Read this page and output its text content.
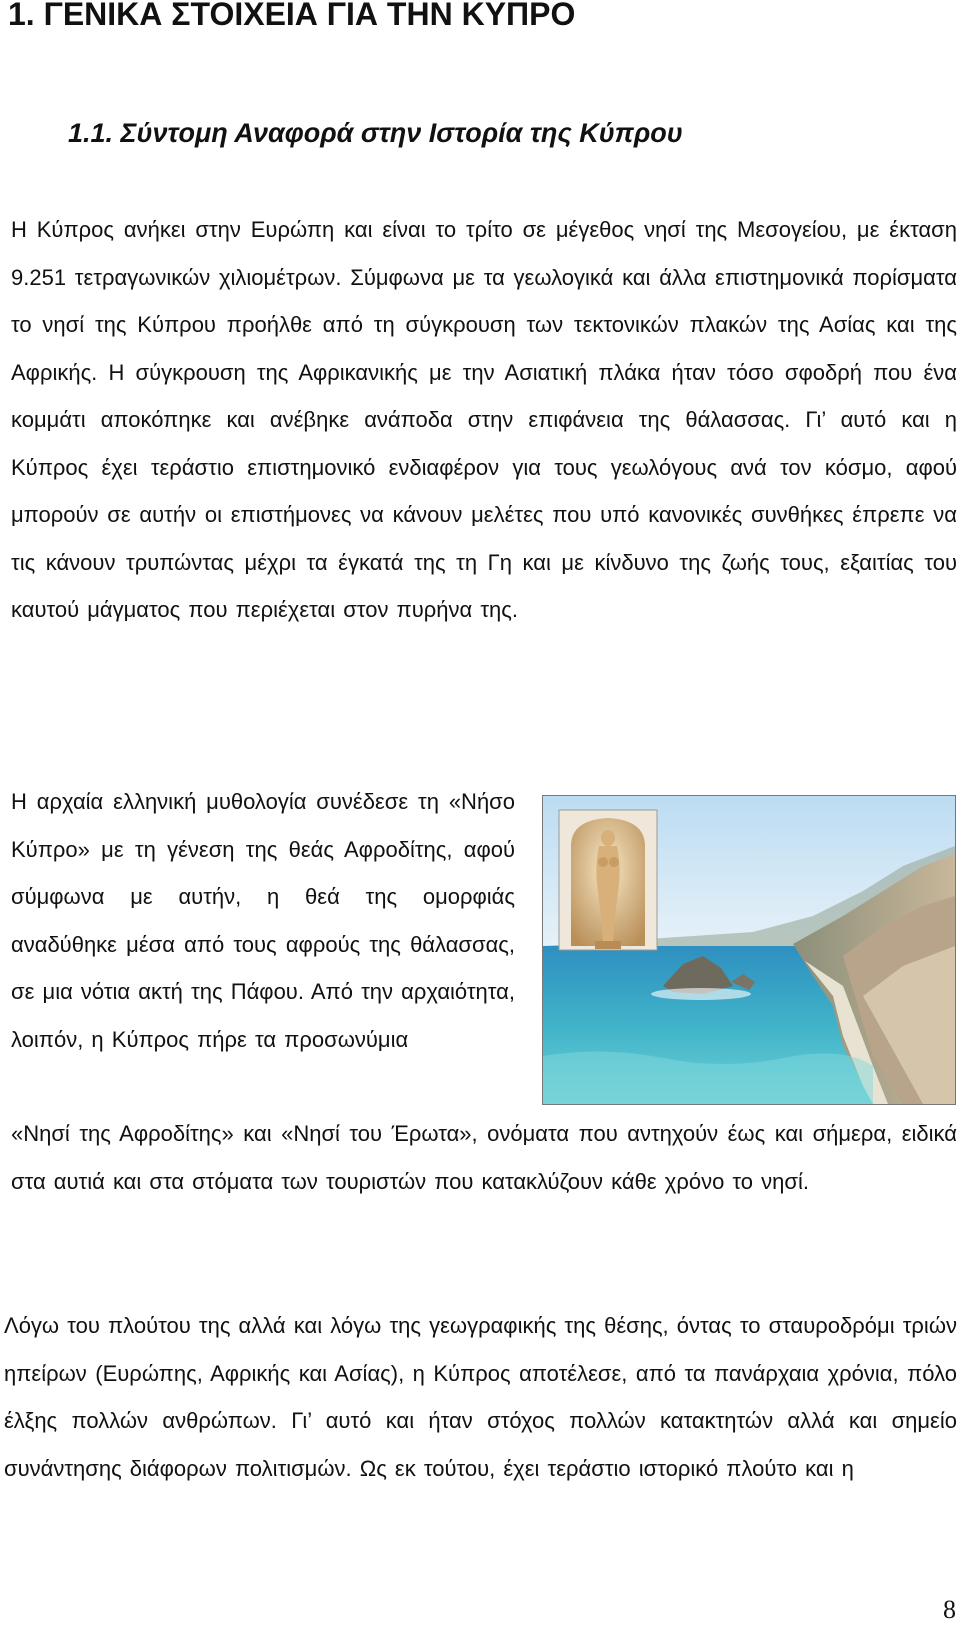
1. ΓΕΝΙΚΑ ΣΤΟΙΧΕΙΑ ΓΙΑ ΤΗΝ ΚΥΠΡΟ
1.1. Σύντομη Αναφορά στην Ιστορία της Κύπρου

Η Κύπρος ανήκει στην Ευρώπη και είναι το τρίτο σε μέγεθος νησί της Μεσογείου, με έκταση 9.251 τετραγωνικών χιλιομέτρων. Σύμφωνα με τα γεωλογικά και άλλα επιστημονικά πορίσματα το νησί της Κύπρου προήλθε από τη σύγκρουση των τεκτονικών πλακών της Ασίας και της Αφρικής. Η σύγκρουση της Αφρικανικής με την Ασιατική πλάκα ήταν τόσο σφοδρή που ένα κομμάτι αποκόπηκε και ανέβηκε ανάποδα στην επιφάνεια της θάλασσας. Γι’ αυτό και η Κύπρος έχει τεράστιο επιστημονικό ενδιαφέρον για τους γεωλόγους ανά τον κόσμο, αφού μπορούν σε αυτήν οι επιστήμονες να κάνουν μελέτες που υπό κανονικές συνθήκες έπρεπε να τις κάνουν τρυπώντας μέχρι τα έγκατά της τη Γη και με κίνδυνο της ζωής τους, εξαιτίας του καυτού μάγματος που περιέχεται στον πυρήνα της.

Η αρχαία ελληνική μυθολογία συνέδεσε τη «Νήσο Κύπρο» με τη γένεση της θεάς Αφροδίτης, αφού σύμφωνα με αυτήν, η θεά της ομορφιάς αναδύθηκε μέσα από τους αφρούς της θάλασσας, σε μια νότια ακτή της Πάφου. Από την αρχαιότητα, λοιπόν, η Κύπρος πήρε τα προσωνύμια

«Νησί της Αφροδίτης» και «Νησί του Έρωτα», ονόματα που αντηχούν έως και σήμερα, ειδικά στα αυτιά και στα στόματα των τουριστών που κατακλύζουν κάθε χρόνο το νησί.

Λόγω του πλούτου της αλλά και λόγω της γεωγραφικής της θέσης, όντας το σταυροδρόμι τριών ηπείρων (Ευρώπης, Αφρικής και Ασίας), η Κύπρος αποτέλεσε, από τα πανάρχαια χρόνια, πόλο έλξης πολλών ανθρώπων. Γι’ αυτό και ήταν στόχος πολλών κατακτητών αλλά και σημείο συνάντησης διάφορων πολιτισμών. Ως εκ τούτου, έχει τεράστιο ιστορικό πλούτο και η

8
